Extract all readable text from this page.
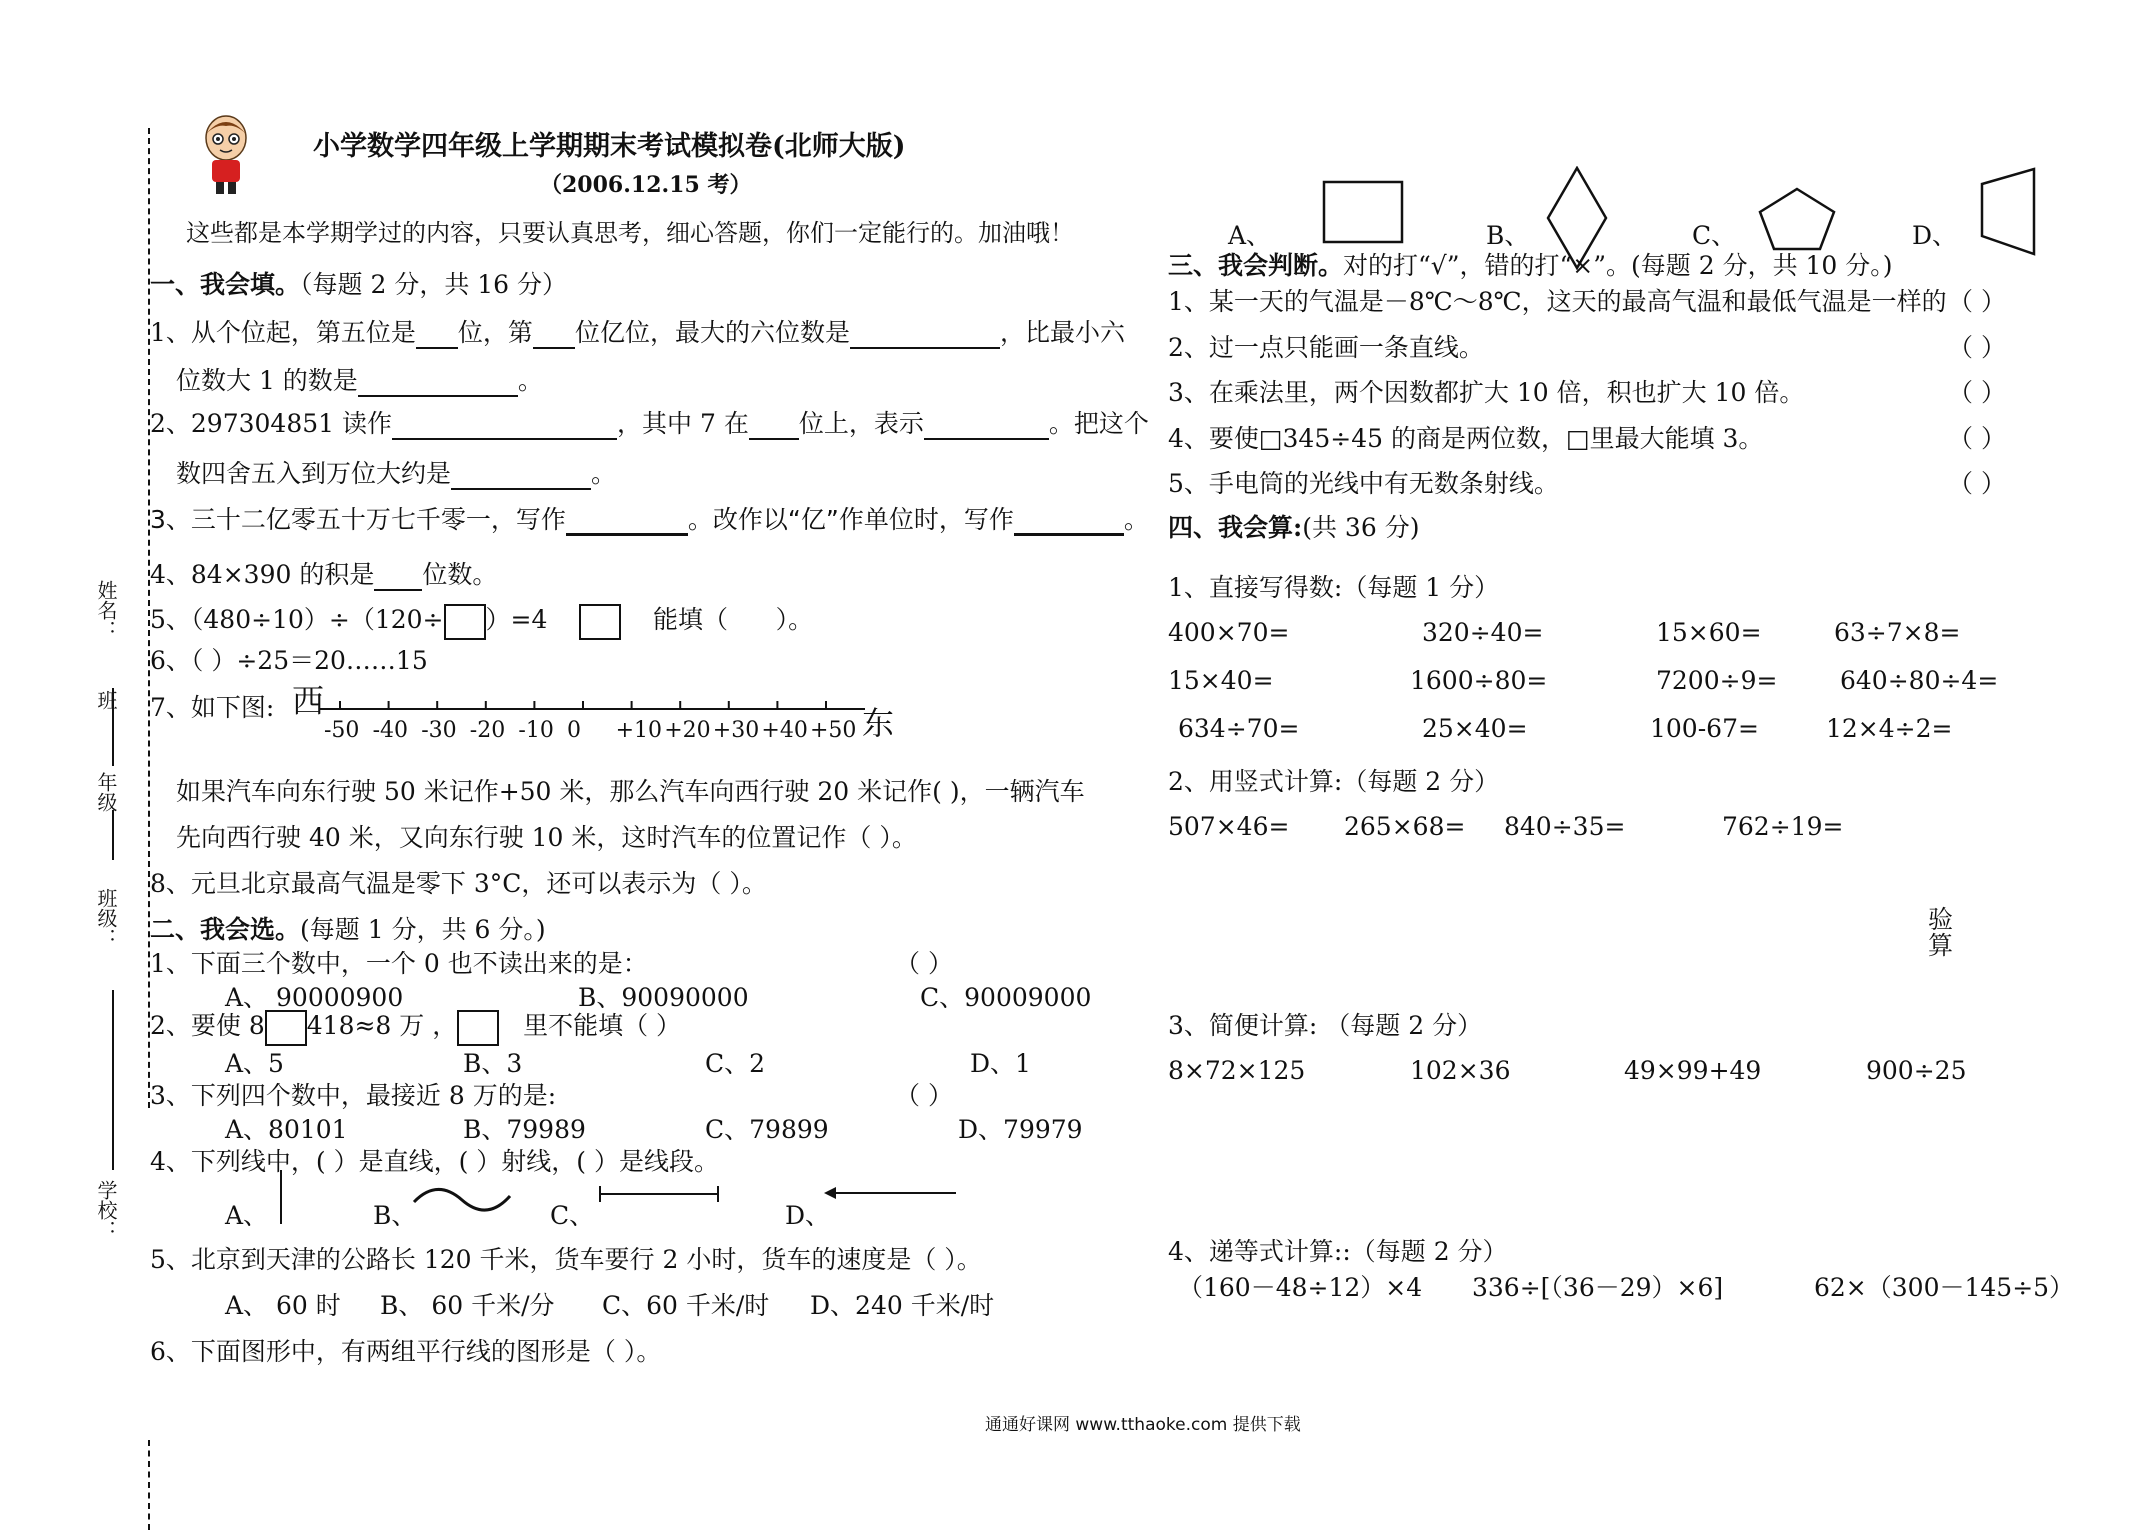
姓名：
班
年级
班级：
学校：
小学数学四年级上学期期末考试模拟卷(北师大版)
（2006.12.15 考）
这些都是本学期学过的内容，只要认真思考，细心答题，你们一定能行的。加油哦！
一、我会填。（每题 2 分，共 16 分）
1、从个位起，第五位是 位，第 位亿位，最大的六位数是	，比最小六
位数大 1 的数是	。
2、297304851 读作	，其中 7 在 位上，表示	。把这个
数四舍五入到万位大约是	。
3、三十二亿零五十万七千零一，写作	。改作以“亿”作单位时，写作	。
4、84×390 的积是 位数。
5、（480÷10）÷（120÷ ）=4	能填（ ）。
6、（ ）÷25＝20……15
7、如下图: 西
东
-50 -40 -30 -20 -10 0 +10 +20 +30 +40 +50
如果汽车向东行驶 50 米记作+50 米，那么汽车向西行驶 20 米记作( )，一辆汽车
先向西行驶 40 米，又向东行驶 10 米，这时汽车的位置记作（ ）。
8、元旦北京最高气温是零下 3°C，还可以表示为（ ）。
二、我会选。(每题 1 分，共 6 分。)
1、下面三个数中，一个 0 也不读出来的是：	（ ）
A、 90000900	B、90090000	C、90009000
2、要使 8 418≈8 万 ，	里不能填（ ）
A、5	B、3	C、2	D、1
3、下列四个数中，最接近 8 万的是:	（ ）
A、80101	B、79989	C、79899	D、79979
4、下列线中，( ）是直线，( ）射线，( ）是线段。
A、	B、	C、	D、
5、北京到天津的公路长 120 千米，货车要行 2 小时，货车的速度是（ ）。
A、 60 时 B、 60 千米/分 C、60 千米/时 D、240 千米/时
6、下面图形中，有两组平行线的图形是（ ）。
A、	B、	C、	D、
三、我会判断。对的打“√”，错的打“×”。(每题 2 分，共 10 分。)
1、某一天的气温是－8℃～8℃，这天的最高气温和最低气温是一样的 （ ）
2、过一点只能画一条直线。	（ ）
3、在乘法里，两个因数都扩大 10 倍，积也扩大 10 倍。	（ ）
4、要使□345÷45 的商是两位数，□里最大能填 3。	（ ）
5、手电筒的光线中有无数条射线。	（ ）
四、我会算:(共 36 分)
1、直接写得数:（每题 1 分）
400×70=	320÷40=	15×60=	63÷7×8=
15×40=	1600÷80=	7200÷9=	640÷80÷4=
634÷70=	25×40=	100-67=	12×4÷2=
2、用竖式计算:（每题 2 分）
507×46= 265×68= 840÷35=	762÷19=
验
算
3、简便计算: （每题 2 分）
8×72×125	102×36	49×99+49	900÷25
4、递等式计算::（每题 2 分）
（160－48÷12）×4 336÷[（36－29）×6]	62×（300－145÷5）
通通好课网 www.tthaoke.com 提供下载
